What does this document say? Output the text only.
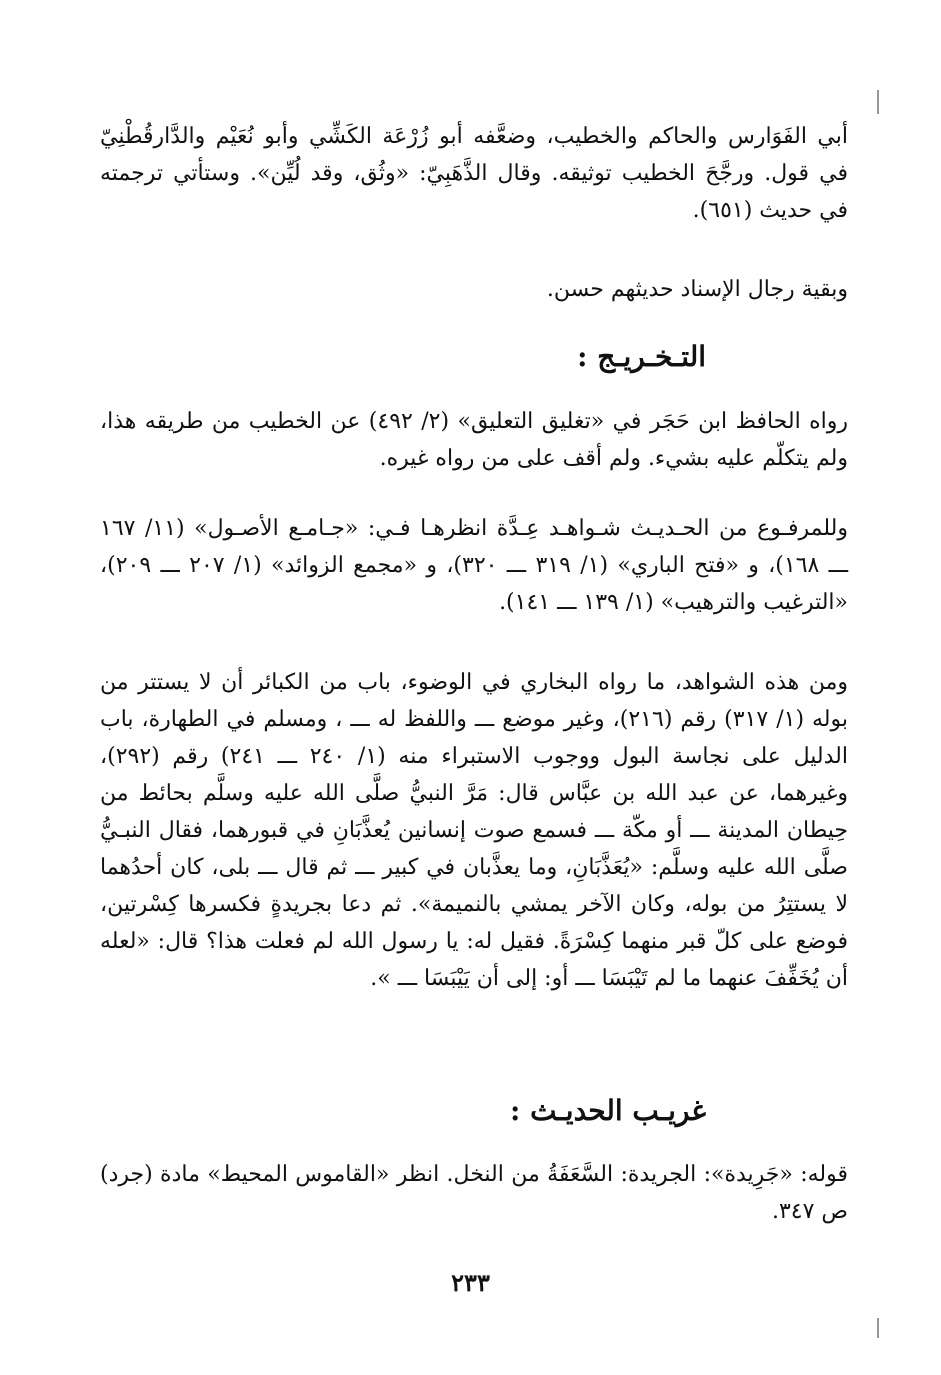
أبي الفَوَارس والحاكم والخطيب، وضعَّفه أبو زُرْعَة الكَشِّي وأبو نُعَيْم والدَّارقُطْنِيّ في قول. ورجَّحَ الخطيب توثيقه. وقال الذَّهَبِيّ: «وثُق، وقد لُيِّن». وستأتي ترجمته في حديث (٦٥١).

وبقية رجال الإسناد حديثهم حسن.

التـخـريـج :

رواه الحافظ ابن حَجَر في «تغليق التعليق» (٢/ ٤٩٢) عن الخطيب من طريقه هذا، ولم يتكلّم عليه بشيء. ولم أقف على من رواه غيره.

وللمرفـوع من الحـديـث شـواهـد عِـدَّة انظرهـا فـي: «جـامـع الأصـول» (١١/ ١٦٧ ـــ ١٦٨)، و «فتح الباري» (١/ ٣١٩ ـــ ٣٢٠)، و «مجمع الزوائد» (١/ ٢٠٧ ـــ ٢٠٩)، «الترغيب والترهيب» (١/ ١٣٩ ـــ ١٤١).

ومن هذه الشواهد، ما رواه البخاري في الوضوء، باب من الكبائر أن لا يستتر من بوله (١/ ٣١٧) رقم (٢١٦)، وغير موضع ـــ واللفظ له ـــ ، ومسلم في الطهارة، باب الدليل على نجاسة البول ووجوب الاستبراء منه (١/ ٢٤٠ ـــ ٢٤١) رقم (٢٩٢)، وغيرهما، عن عبد الله بن عبَّاس قال: مَرَّ النبيُّ صلَّى الله عليه وسلَّم بحائط من حِيطان المدينة ـــ أو مكّة ـــ فسمع صوت إنسانين يُعذَّبَانِ في قبورهما، فقال النبـيُّ صلَّى الله عليه وسلَّم: «يُعَذَّبَانِ، وما يعذَّبان في كبير ـــ ثم قال ـــ بلى، كان أحدُهما لا يستتِرُ من بوله، وكان الآخر يمشي بالنميمة». ثم دعا بجريدةٍ فكسرها كِسْرتين، فوضع على كلّ قبر منهما كِسْرَةً. فقيل له: يا رسول الله لم فعلت هذا؟ قال: «لعله أن يُخَفِّفَ عنهما ما لم تَيْبَسَا ـــ أو: إلى أن يَيْبَسَا ـــ ».

غريـب الحديـث :

قوله: «جَرِيدة»: الجريدة: السَّعَفَةُ من النخل. انظر «القاموس المحيط» مادة (جرد) ص ٣٤٧.

٢٣٣
